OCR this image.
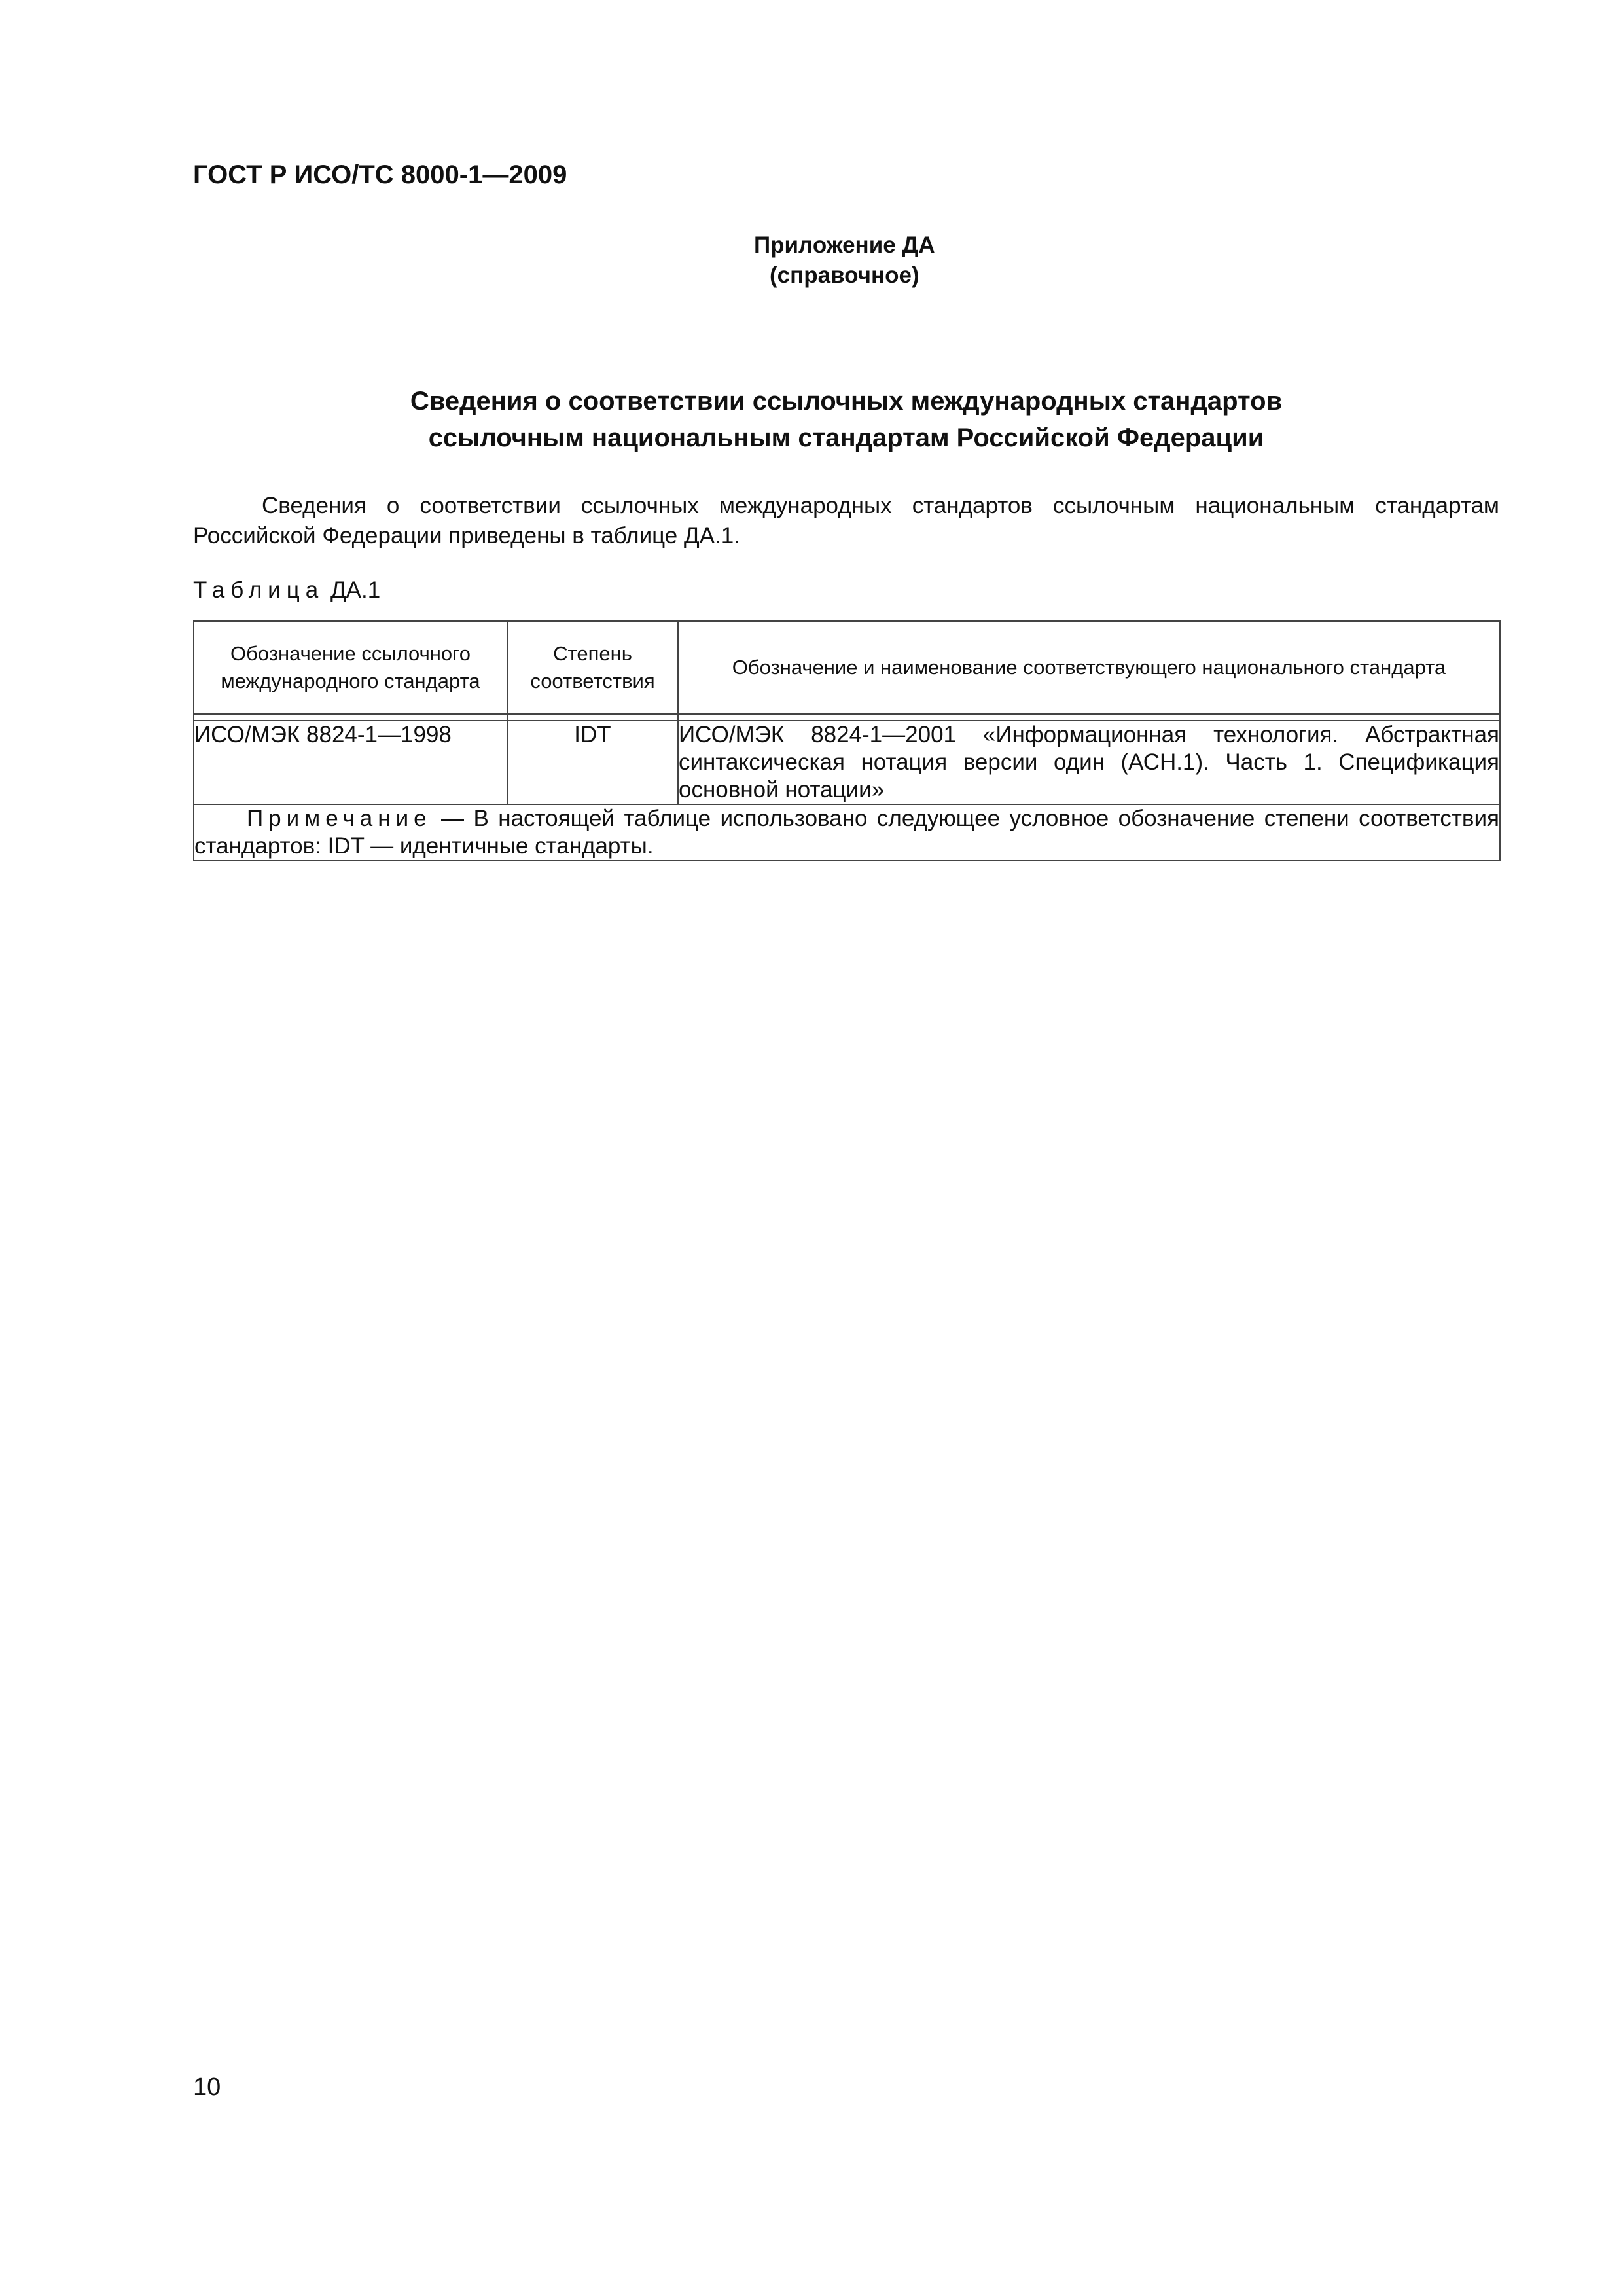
ГОСТ Р ИСО/ТС 8000-1—2009
Приложение ДА
(справочное)
Сведения о соответствии ссылочных международных стандартов
ссылочным национальным стандартам Российской Федерации
Сведения о соответствии ссылочных международных стандартов ссылочным национальным стандартам Российской Федерации приведены в таблице ДА.1.
Таблица ДА.1
Обозначение ссылочного международного стандарта	Степень соответствия	Обозначение и наименование соответствующего национального стандарта

ИСО/МЭК 8824-1—1998	IDT	ИСО/МЭК 8824-1—2001 «Информационная технология. Абстрактная синтаксическая нотация версии один (АСН.1). Часть 1. Спецификация основной нотации»
Примечание — В настоящей таблице использовано следующее условное обозначение степени соответствия стандартов: IDT — идентичные стандарты.		
10
